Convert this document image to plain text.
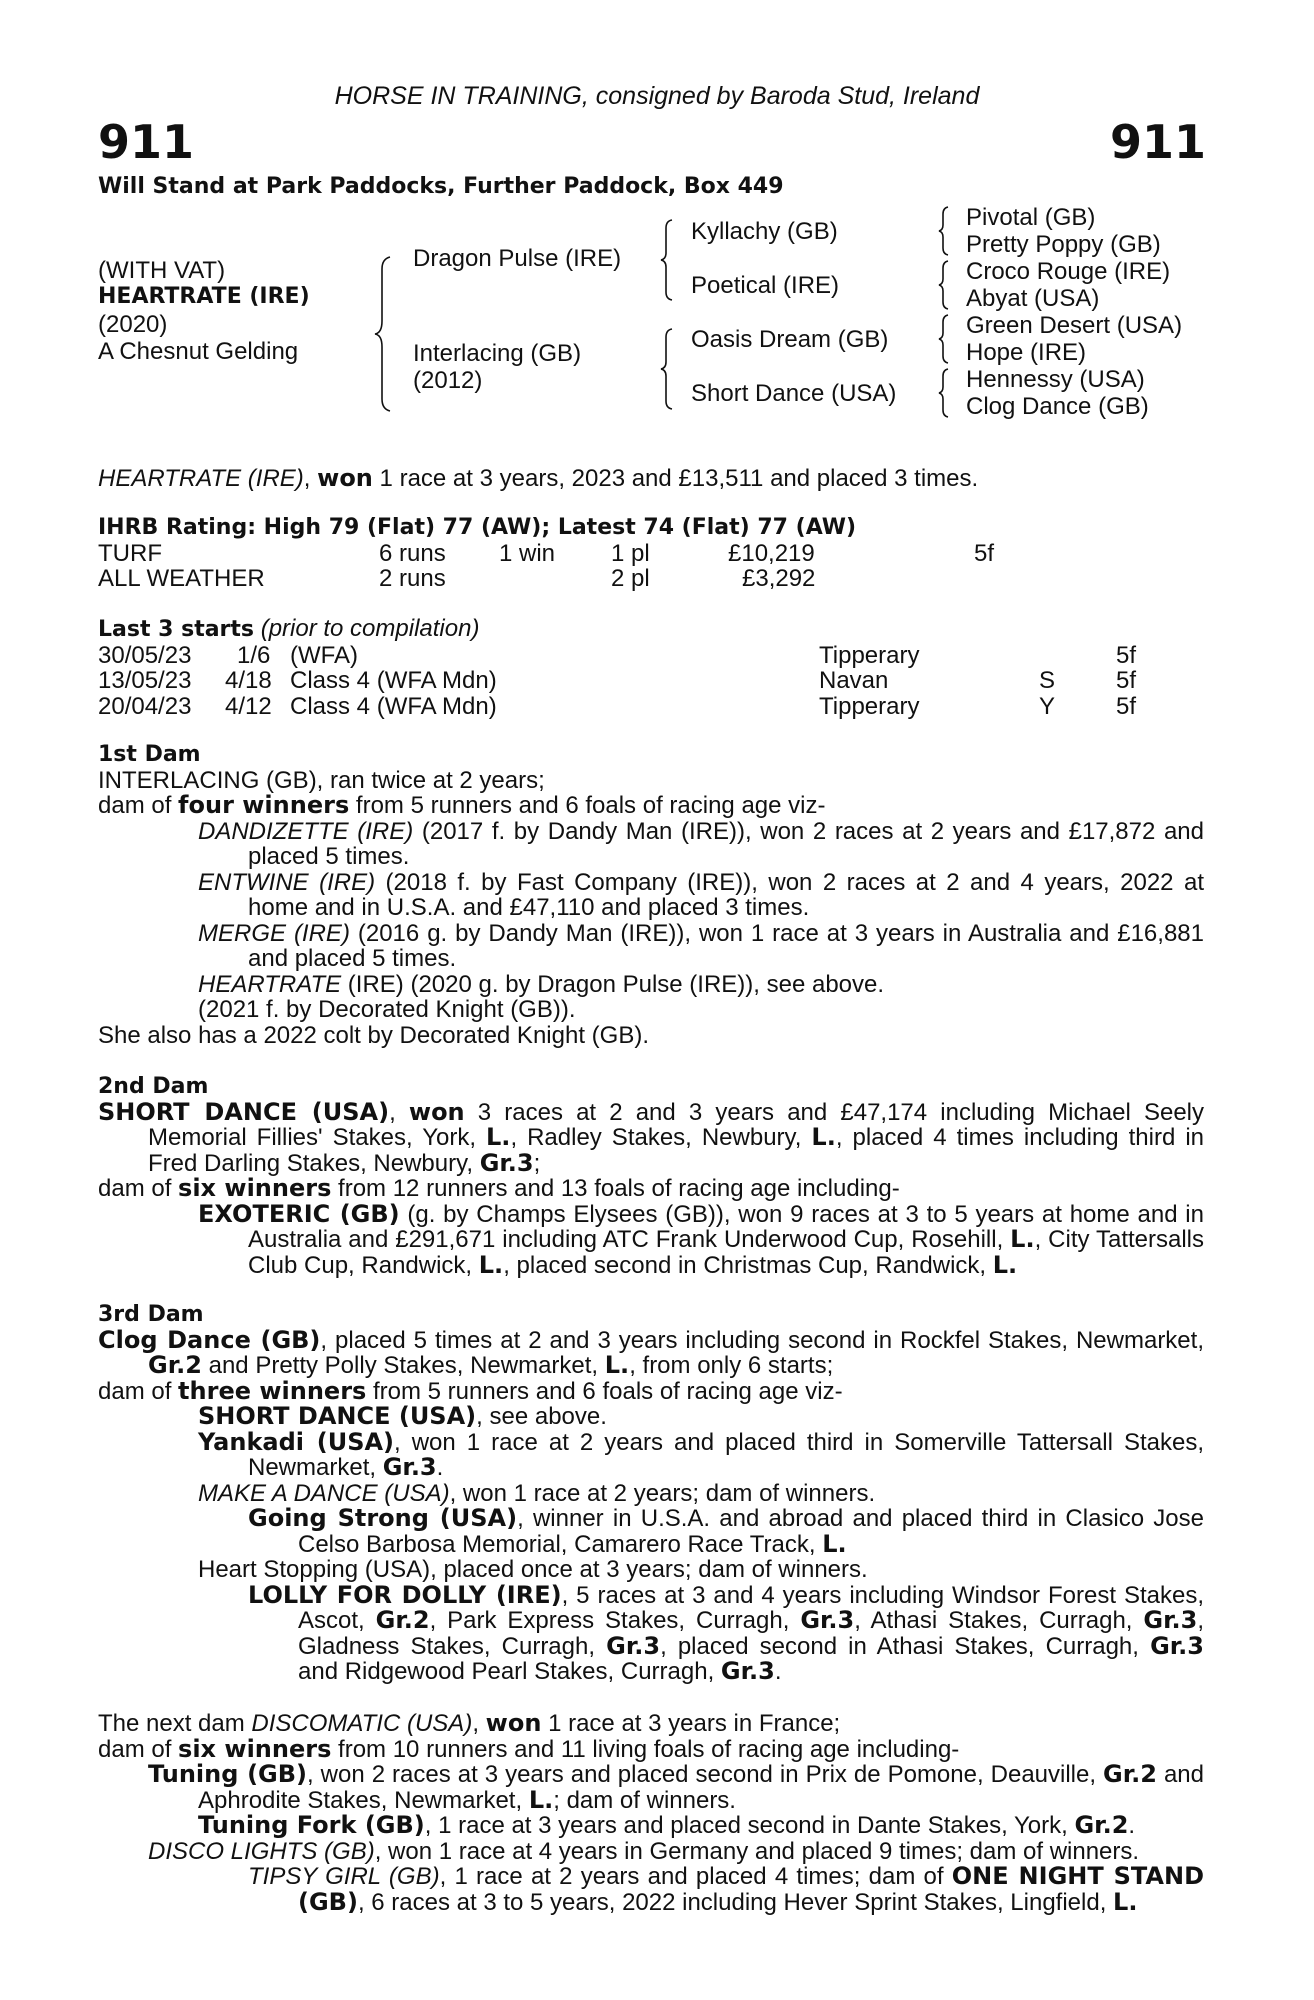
HORSE IN TRAINING, consigned by Baroda Stud, Ireland
911	911
Will Stand at Park Paddocks, Further Paddock, Box 449
(WITH VAT)
HEARTRATE (IRE)
(2020)
A Chesnut Gelding
Dragon Pulse (IRE)
Interlacing (GB)
(2012)
Kyllachy (GB)
Poetical (IRE)
Oasis Dream (GB)
Short Dance (USA)
Pivotal (GB)
Pretty Poppy (GB)
Croco Rouge (IRE)
Abyat (USA)
Green Desert (USA)
Hope (IRE)
Hennessy (USA)
Clog Dance (GB)
HEARTRATE (IRE), won 1 race at 3 years, 2023 and £13,511 and placed 3 times.
IHRB Rating: High 79 (Flat) 77 (AW); Latest 74 (Flat) 77 (AW)
TURF	6 runs 1 win 1 pl	£10,219	5f
ALL WEATHER	2 runs	2 pl	£3,292
Last 3 starts (prior to compilation)
30/05/23 1/6 (WFA)	Tipperary	5f
13/05/23 4/18 Class 4 (WFA Mdn)	Navan	S	5f
20/04/23 4/12 Class 4 (WFA Mdn)	Tipperary	Y	5f
1st Dam
INTERLACING (GB), ran twice at 2 years;
dam of four winners from 5 runners and 6 foals of racing age viz-
DANDIZETTE (IRE) (2017 f. by Dandy Man (IRE)), won 2 races at 2 years and £17,872 and placed 5 times.
ENTWINE (IRE) (2018 f. by Fast Company (IRE)), won 2 races at 2 and 4 years, 2022 at home and in U.S.A. and £47,110 and placed 3 times.
MERGE (IRE) (2016 g. by Dandy Man (IRE)), won 1 race at 3 years in Australia and £16,881 and placed 5 times.
HEARTRATE (IRE) (2020 g. by Dragon Pulse (IRE)), see above.
(2021 f. by Decorated Knight (GB)).
She also has a 2022 colt by Decorated Knight (GB).
2nd Dam
SHORT DANCE (USA), won 3 races at 2 and 3 years and £47,174 including Michael Seely Memorial Fillies' Stakes, York, L., Radley Stakes, Newbury, L., placed 4 times including third in Fred Darling Stakes, Newbury, Gr.3;
dam of six winners from 12 runners and 13 foals of racing age including-
EXOTERIC (GB) (g. by Champs Elysees (GB)), won 9 races at 3 to 5 years at home and in Australia and £291,671 including ATC Frank Underwood Cup, Rosehill, L., City Tattersalls Club Cup, Randwick, L., placed second in Christmas Cup, Randwick, L.
3rd Dam
Clog Dance (GB), placed 5 times at 2 and 3 years including second in Rockfel Stakes, Newmarket, Gr.2 and Pretty Polly Stakes, Newmarket, L., from only 6 starts;
dam of three winners from 5 runners and 6 foals of racing age viz-
SHORT DANCE (USA), see above.
Yankadi (USA), won 1 race at 2 years and placed third in Somerville Tattersall Stakes, Newmarket, Gr.3.
MAKE A DANCE (USA), won 1 race at 2 years; dam of winners.
Going Strong (USA), winner in U.S.A. and abroad and placed third in Clasico Jose Celso Barbosa Memorial, Camarero Race Track, L.
Heart Stopping (USA), placed once at 3 years; dam of winners.
LOLLY FOR DOLLY (IRE), 5 races at 3 and 4 years including Windsor Forest Stakes, Ascot, Gr.2, Park Express Stakes, Curragh, Gr.3, Athasi Stakes, Curragh, Gr.3, Gladness Stakes, Curragh, Gr.3, placed second in Athasi Stakes, Curragh, Gr.3 and Ridgewood Pearl Stakes, Curragh, Gr.3.
The next dam DISCOMATIC (USA), won 1 race at 3 years in France;
dam of six winners from 10 runners and 11 living foals of racing age including-
Tuning (GB), won 2 races at 3 years and placed second in Prix de Pomone, Deauville, Gr.2 and Aphrodite Stakes, Newmarket, L.; dam of winners.
Tuning Fork (GB), 1 race at 3 years and placed second in Dante Stakes, York, Gr.2.
DISCO LIGHTS (GB), won 1 race at 4 years in Germany and placed 9 times; dam of winners.
TIPSY GIRL (GB), 1 race at 2 years and placed 4 times; dam of ONE NIGHT STAND (GB), 6 races at 3 to 5 years, 2022 including Hever Sprint Stakes, Lingfield, L.
